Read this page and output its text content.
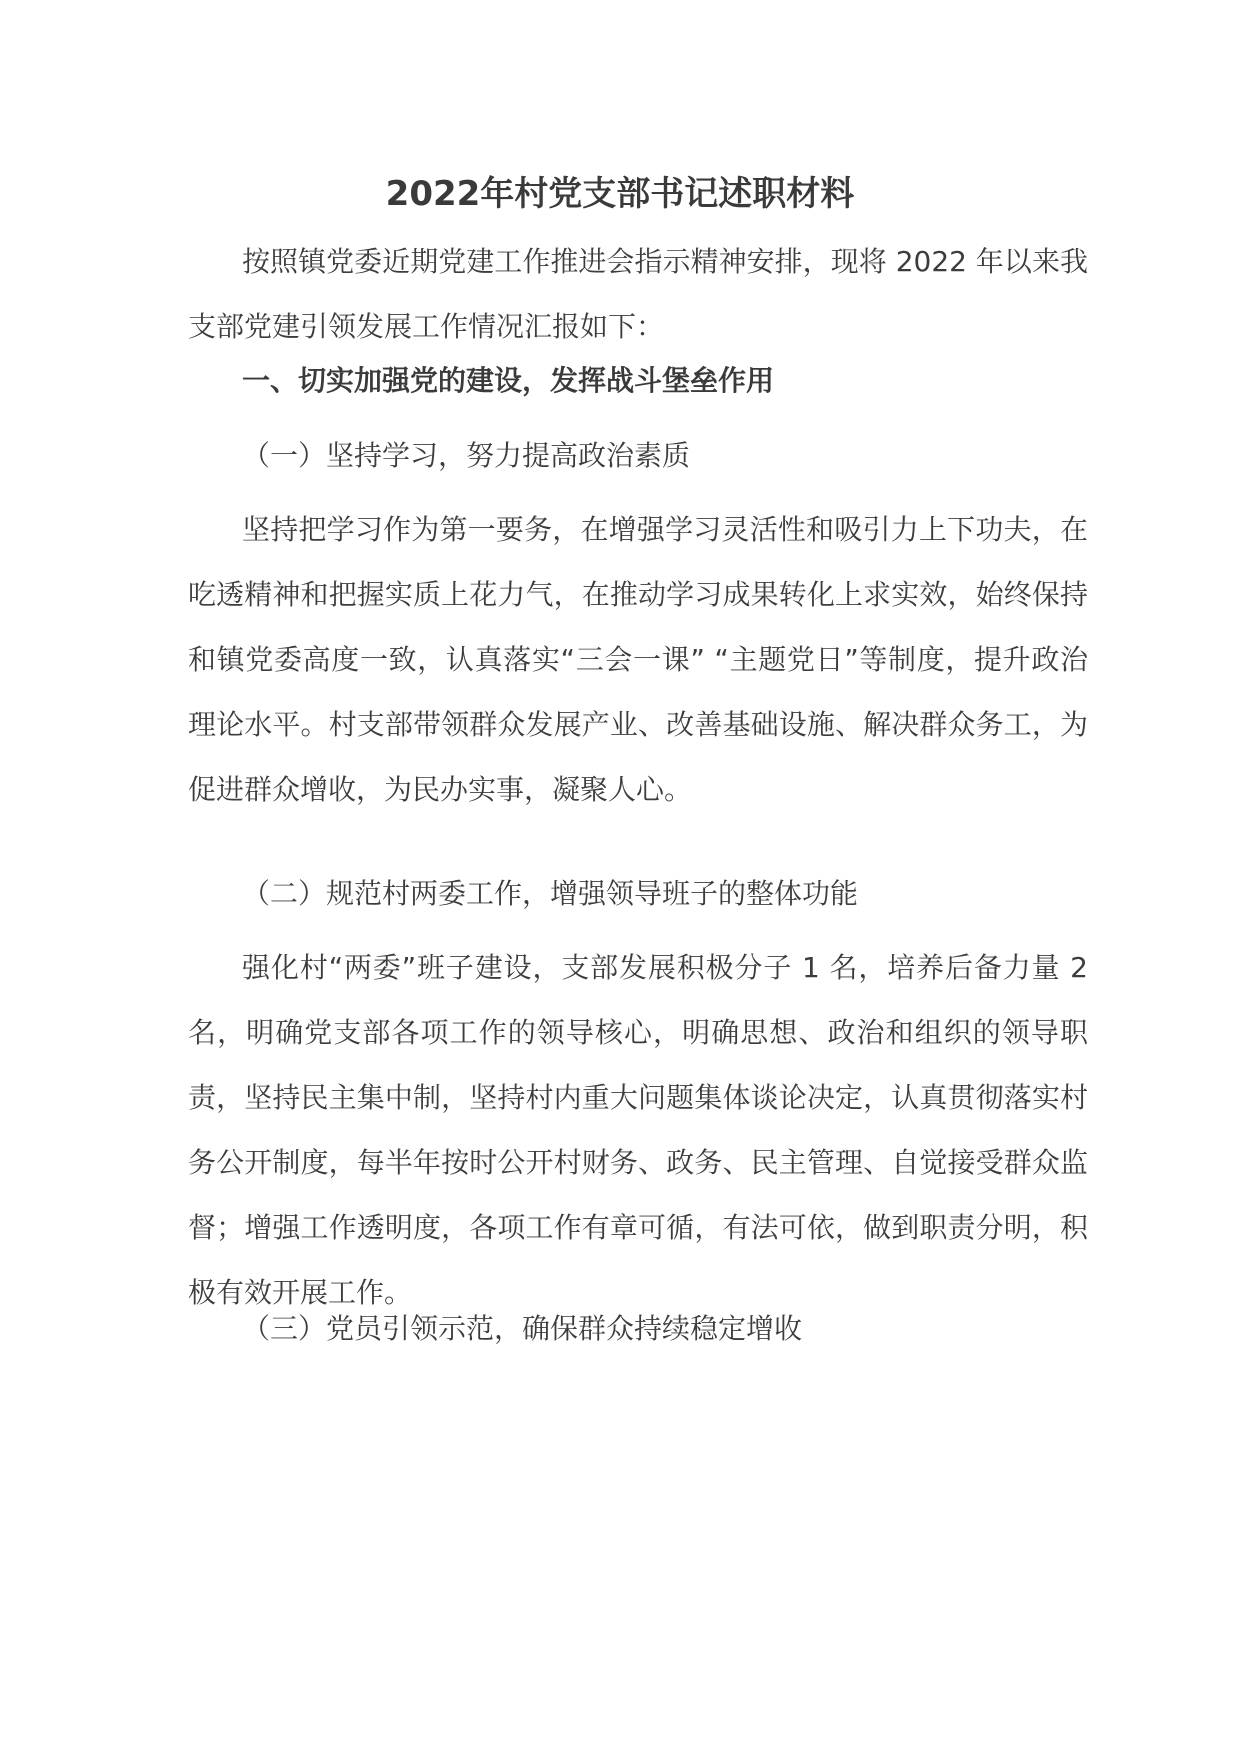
2022年村党支部书记述职材料

按照镇党委近期党建工作推进会指示精神安排，现将 2022 年以来我支部党建引领发展工作情况汇报如下：

一、切实加强党的建设，发挥战斗堡垒作用

（一）坚持学习，努力提高政治素质

坚持把学习作为第一要务，在增强学习灵活性和吸引力上下功夫，在吃透精神和把握实质上花力气，在推动学习成果转化上求实效，始终保持和镇党委高度一致，认真落实“三会一课” “主题党日”等制度，提升政治理论水平。村支部带领群众发展产业、改善基础设施、解决群众务工，为促进群众增收，为民办实事，凝聚人心。

（二）规范村两委工作，增强领导班子的整体功能

强化村“两委”班子建设，支部发展积极分子 1 名，培养后备力量 2 名，明确党支部各项工作的领导核心，明确思想、政治和组织的领导职责，坚持民主集中制，坚持村内重大问题集体谈论决定，认真贯彻落实村务公开制度，每半年按时公开村财务、政务、民主管理、自觉接受群众监督；增强工作透明度，各项工作有章可循，有法可依，做到职责分明，积极有效开展工作。

（三）党员引领示范，确保群众持续稳定增收
